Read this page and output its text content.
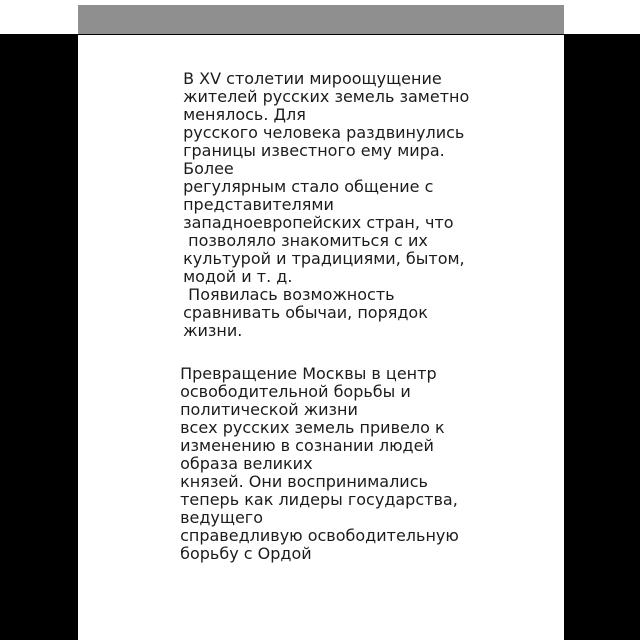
В XV столетии мироощущение
жителей русских земель заметно
менялось. Для
русского человека раздвинулись
границы известного ему мира.
Более
регулярным стало общение с
представителями
западноевропейских стран, что
позволяло знакомиться с их
культурой и традициями, бытом,
модой и т. д.
Появилась возможность
сравнивать обычаи, порядок
жизни.
Превращение Москвы в центр
освободительной борьбы и
политической жизни
всех русских земель привело к
изменению в сознании людей
образа великих
князей. Они воспринимались
теперь как лидеры государства,
ведущего
справедливую освободительную
борьбу с Ордой
